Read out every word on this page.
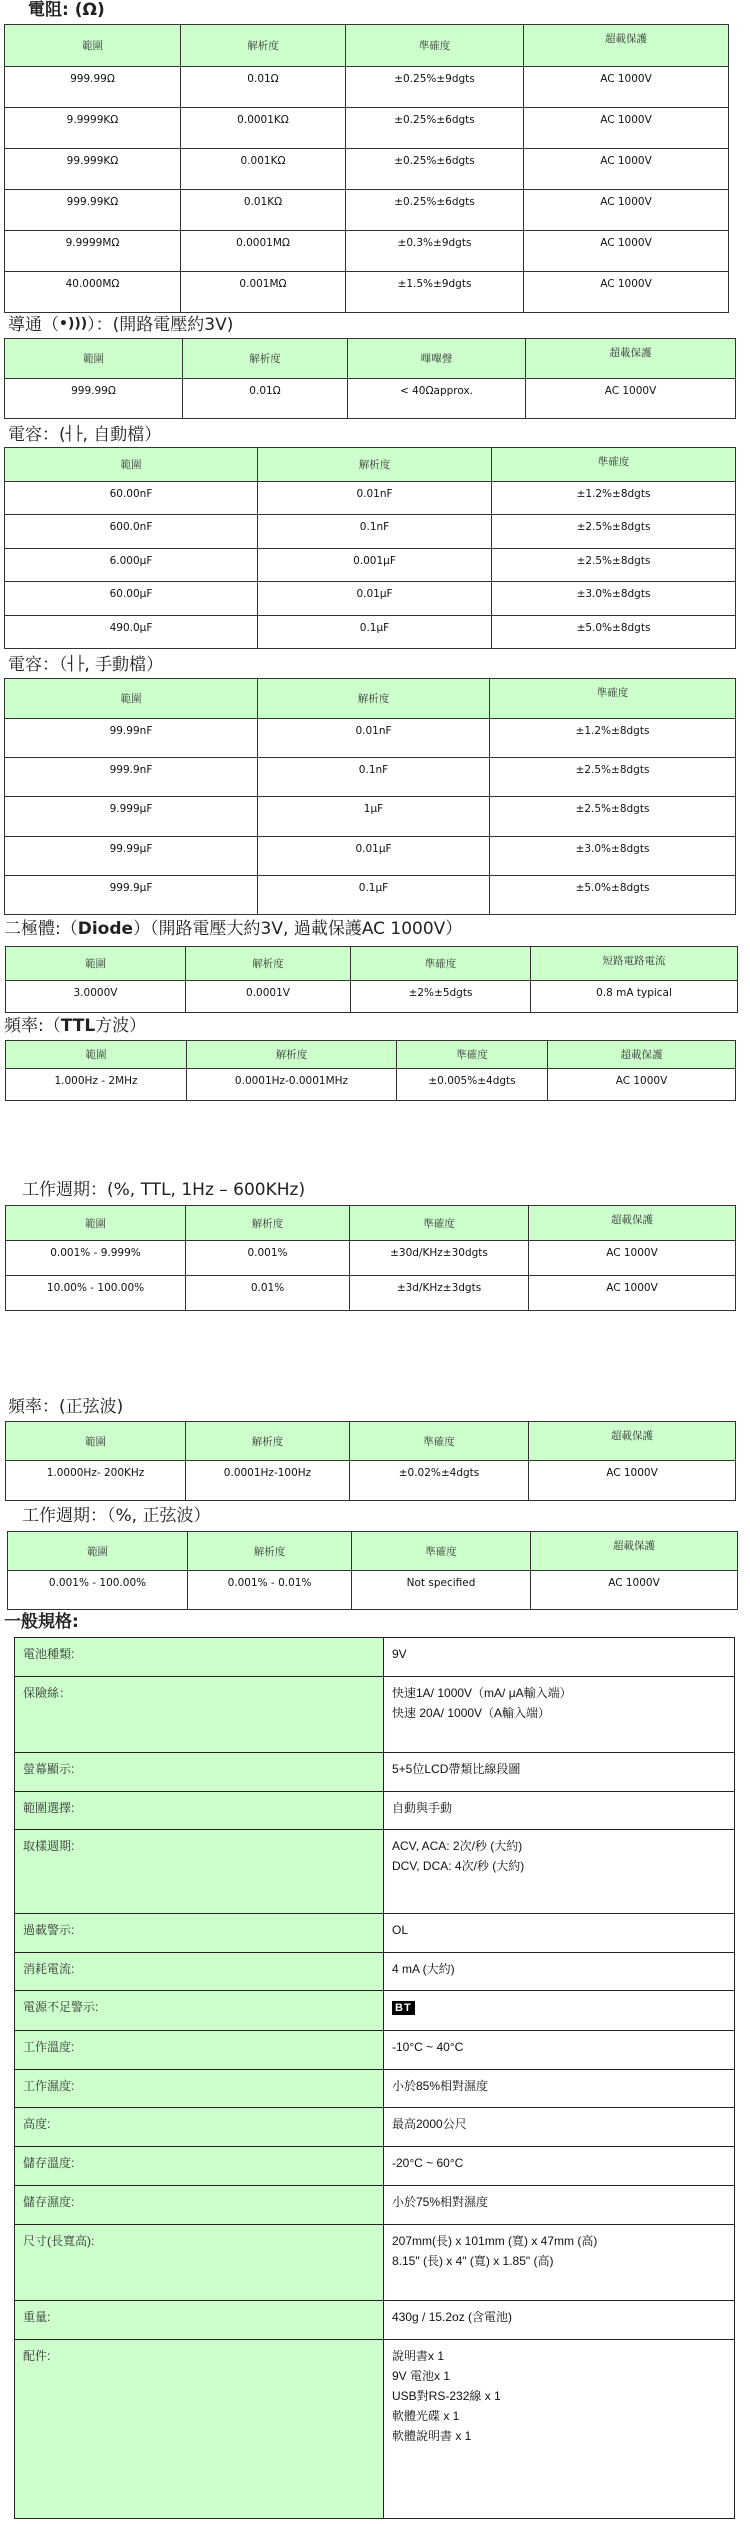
電阻: (Ω)
範圍	解析度	準確度	超載保護
999.99Ω	0.01Ω	±0.25%±9dgts	AC 1000V
9.9999KΩ	0.0001KΩ	±0.25%±6dgts	AC 1000V
99.999KΩ	0.001KΩ	±0.25%±6dgts	AC 1000V
999.99KΩ	0.01KΩ	±0.25%±6dgts	AC 1000V
9.9999MΩ	0.0001MΩ	±0.3%±9dgts	AC 1000V
40.000MΩ	0.001MΩ	±1.5%±9dgts	AC 1000V
導通（•)))）：(開路電壓約3V)
範圍	解析度	嗶嗶聲	超載保護
999.99Ω	0.01Ω	< 40Ωapprox.	AC 1000V
電容：(┤├, 自動檔）
範圍	解析度	準確度
60.00nF	0.01nF	±1.2%±8dgts
600.0nF	0.1nF	±2.5%±8dgts
6.000μF	0.001μF	±2.5%±8dgts
60.00μF	0.01μF	±3.0%±8dgts
490.0μF	0.1μF	±5.0%±8dgts
電容：（┤├, 手動檔）
範圍	解析度	準確度
99.99nF	0.01nF	±1.2%±8dgts
999.9nF	0.1nF	±2.5%±8dgts
9.999μF	1μF	±2.5%±8dgts
99.99μF	0.01μF	±3.0%±8dgts
999.9μF	0.1μF	±5.0%±8dgts
二極體:（Diode）（開路電壓大約3V, 過載保護AC 1000V）
範圍	解析度	準確度	短路電路電流
3.0000V	0.0001V	±2%±5dgts	0.8 mA typical
頻率:（TTL方波）
範圍	解析度	準確度	超載保護
1.000Hz - 2MHz	0.0001Hz-0.0001MHz	±0.005%±4dgts	AC 1000V
工作週期：(%, TTL, 1Hz – 600KHz)
範圍	解析度	準確度	超載保護
0.001% - 9.999%	0.001%	±30d/KHz±30dgts	AC 1000V
10.00% - 100.00%	0.01%	±3d/KHz±3dgts	AC 1000V
頻率：(正弦波)
範圍	解析度	準確度	超載保護
1.0000Hz- 200KHz	0.0001Hz-100Hz	±0.02%±4dgts	AC 1000V
工作週期：（%, 正弦波）
範圍	解析度	準確度	超載保護
0.001% - 100.00%	0.001% - 0.01%	Not specified	AC 1000V
一般規格:
電池種類:	9V

保險絲：	快速1A/ 1000V（mA/ μA輸入端）
快速 20A/ 1000V（A輸入端）

螢幕顯示:	5+5位LCD帶類比線段圖

範圍選擇:	自動與手動

取樣週期:	ACV, ACA: 2次/秒 (大約)
DCV, DCA: 4次/秒 (大約)

過載警示:	OL

消耗電流:	4 mA (大約)

電源不足警示:	BT

工作溫度:	-10°C ~ 40°C

工作濕度:	小於85%相對濕度

高度:	最高2000公尺

儲存溫度:	-20°C ~ 60°C

儲存濕度:	小於75%相對濕度

尺寸(長寬高):	207mm(長) x 101mm (寬) x 47mm (高)
8.15" (長) x 4" (寬) x 1.85" (高)

重量:	430g / 15.2oz (含電池)

配件:	說明書x 1
9V 電池x 1
USB對RS-232線 x 1
軟體光碟 x 1
軟體說明書 x 1
